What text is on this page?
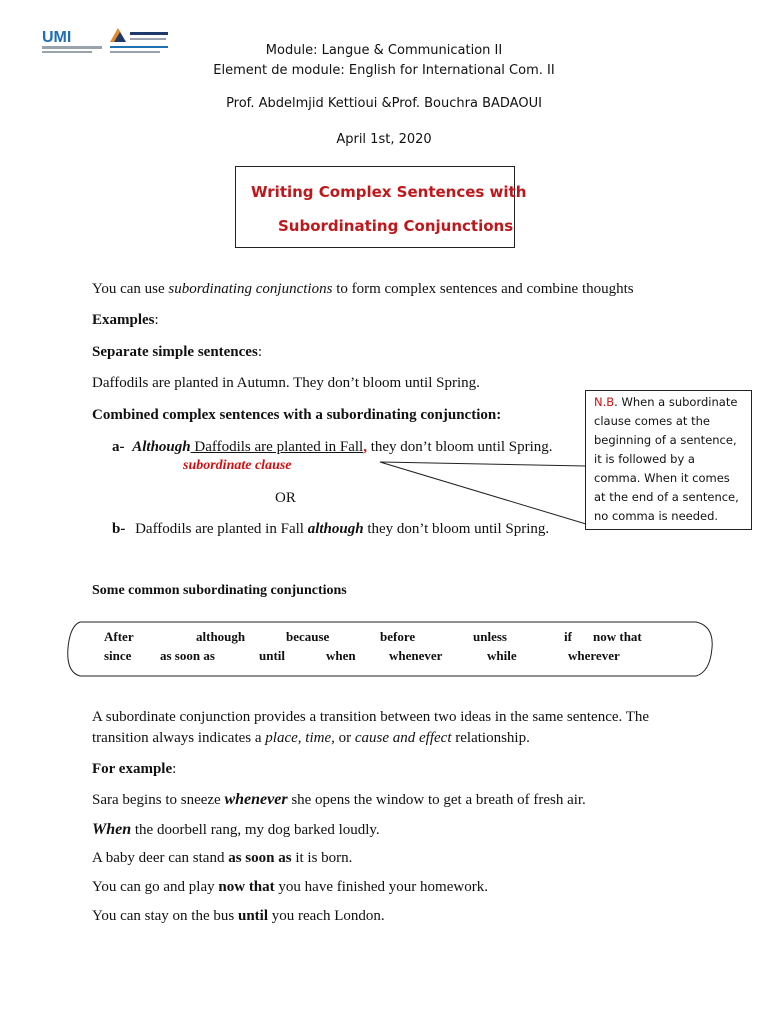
UMI
Module: Langue & Communication II
Element de module: English for International Com. II
Prof. Abdelmjid Kettioui &Prof. Bouchra BADAOUI
April 1st, 2020
Writing Complex Sentences with
Subordinating Conjunctions
You can use subordinating conjunctions to form complex sentences and combine thoughts
Examples:
Separate simple sentences:
Daffodils are planted in Autumn. They don’t bloom until Spring.
Combined complex sentences with a subordinating conjunction:
a- Although Daffodils are planted in Fall, they don’t bloom until Spring.
subordinate clause
OR
b- Daffodils are planted in Fall although they don’t bloom until Spring.
N.B. When a subordinate clause comes at the beginning of a sentence, it is followed by a comma. When it comes at the end of a sentence, no comma is needed.
Some common subordinating conjunctions
After	although	because	before	unless	if now that
since as soon as	until	when	whenever	while	wherever
A subordinate conjunction provides a transition between two ideas in the same sentence. The
transition always indicates a place, time, or cause and effect relationship.
For example:
Sara begins to sneeze whenever she opens the window to get a breath of fresh air.
When the doorbell rang, my dog barked loudly.
A baby deer can stand as soon as it is born.
You can go and play now that you have finished your homework.
You can stay on the bus until you reach London.
